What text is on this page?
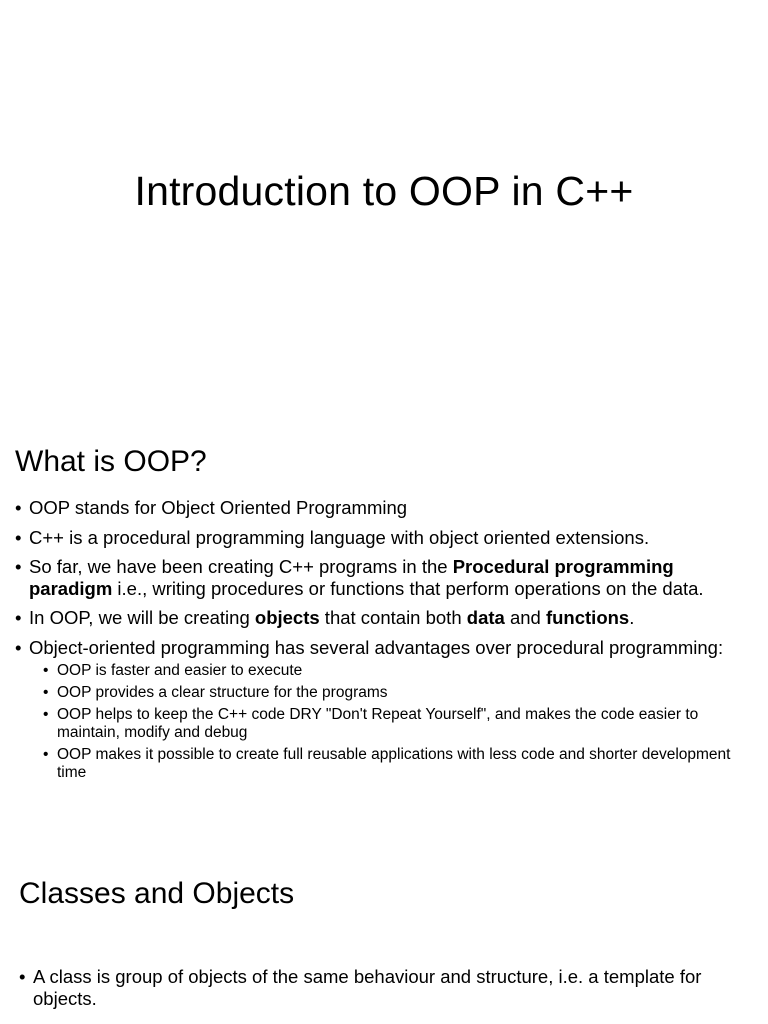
Introduction to OOP in C++
What is OOP?
• OOP stands for Object Oriented Programming
• C++ is a procedural programming language with object oriented extensions.
• So far, we have been creating C++ programs in the Procedural programming paradigm i.e., writing procedures or functions that perform operations on the data.
• In OOP, we will be creating objects that contain both data and functions.
• Object-oriented programming has several advantages over procedural programming:
• OOP is faster and easier to execute
• OOP provides a clear structure for the programs
• OOP helps to keep the C++ code DRY "Don't Repeat Yourself", and makes the code easier to maintain, modify and debug
• OOP makes it possible to create full reusable applications with less code and shorter development time
Classes and Objects
• A class is group of objects of the same behaviour and structure, i.e. a template for objects.
